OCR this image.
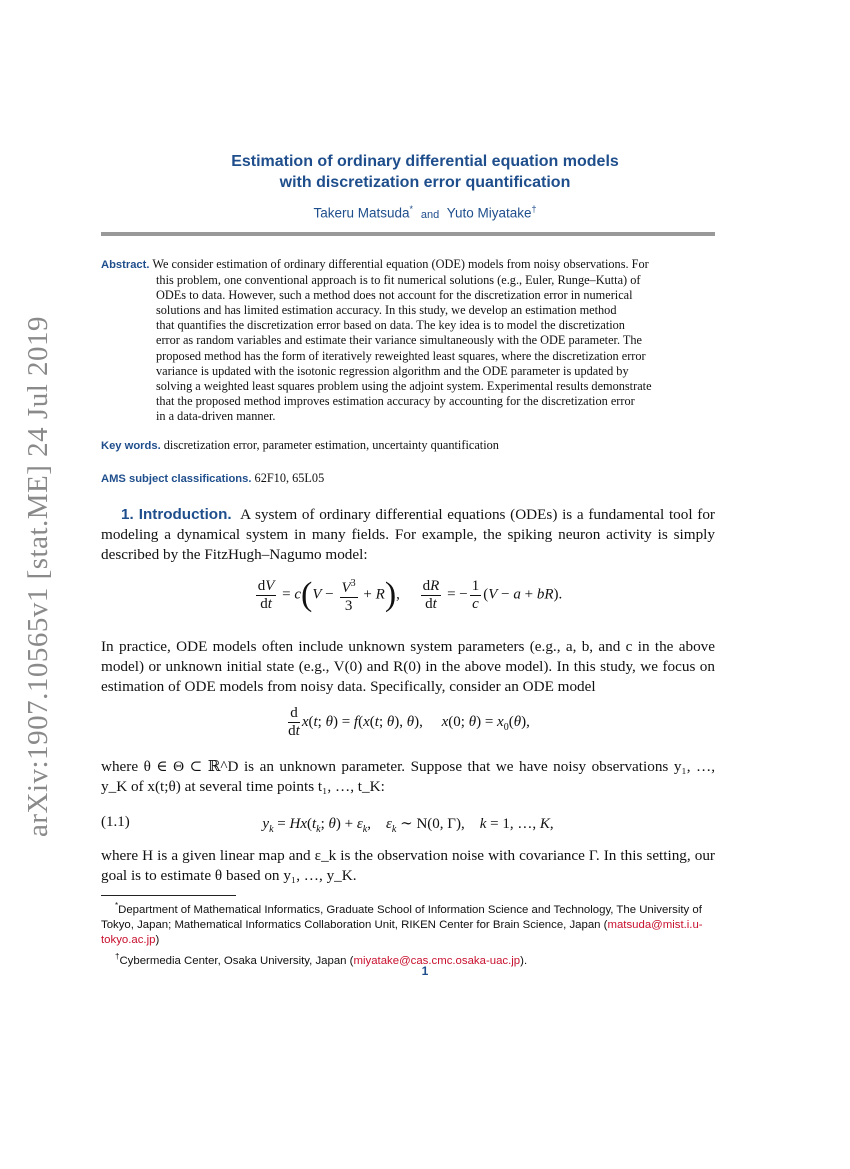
arXiv:1907.10565v1 [stat.ME] 24 Jul 2019
Estimation of ordinary differential equation models
with discretization error quantification
Takeru Matsuda* and Yuto Miyatake†
Abstract. We consider estimation of ordinary differential equation (ODE) models from noisy observations. For
this problem, one conventional approach is to fit numerical solutions (e.g., Euler, Runge–Kutta) of
ODEs to data. However, such a method does not account for the discretization error in numerical
solutions and has limited estimation accuracy. In this study, we develop an estimation method
that quantifies the discretization error based on data. The key idea is to model the discretization
error as random variables and estimate their variance simultaneously with the ODE parameter. The
proposed method has the form of iteratively reweighted least squares, where the discretization error
variance is updated with the isotonic regression algorithm and the ODE parameter is updated by
solving a weighted least squares problem using the adjoint system. Experimental results demonstrate
that the proposed method improves estimation accuracy by accounting for the discretization error
in a data-driven manner.
Key words. discretization error, parameter estimation, uncertainty quantification
AMS subject classifications. 62F10, 65L05
1. Introduction. A system of ordinary differential equations (ODEs) is a fundamental tool for modeling a dynamical system in many fields. For example, the spiking neuron activity is simply described by the FitzHugh–Nagumo model:
$\frac{dV}{dt} = c(V - \frac{V^3}{3} + R)$, $\frac{dR}{dt}$ = − $\frac{1}{c} (V - a + bR)$.
In practice, ODE models often include unknown system parameters (e.g., a, b, and c in the above model) or unknown initial state (e.g., V(0) and R(0) in the above model). In this study, we focus on estimation of ODE models from noisy data. Specifically, consider an ODE model
$\frac{d}{dt} x(t$; θ) = f(x(t; θ), θ),     x(0; $\theta) = x_0(\theta)$,
where θ ∈ Θ ⊂ ℝ^D is an unknown parameter. Suppose that we have noisy observations y₁, …, y_K of x(t;θ) at several time points t₁, …, t_K:
(1.1)	$y_k = Hx(t_k$; $\theta) + \varepsilon_k$,    $\varepsilon_k$ ∼ N(0, Γ),    k = 1, …, K,
where H is a given linear map and ε_k is the observation noise with covariance Γ. In this setting, our goal is to estimate θ based on y₁, …, y_K.
*Department of Mathematical Informatics, Graduate School of Information Science and Technology, The University of Tokyo, Japan; Mathematical Informatics Collaboration Unit, RIKEN Center for Brain Science, Japan (matsuda@mist.i.u-tokyo.ac.jp)
†Cybermedia Center, Osaka University, Japan (miyatake@cas.cmc.osaka-uac.jp).
1
